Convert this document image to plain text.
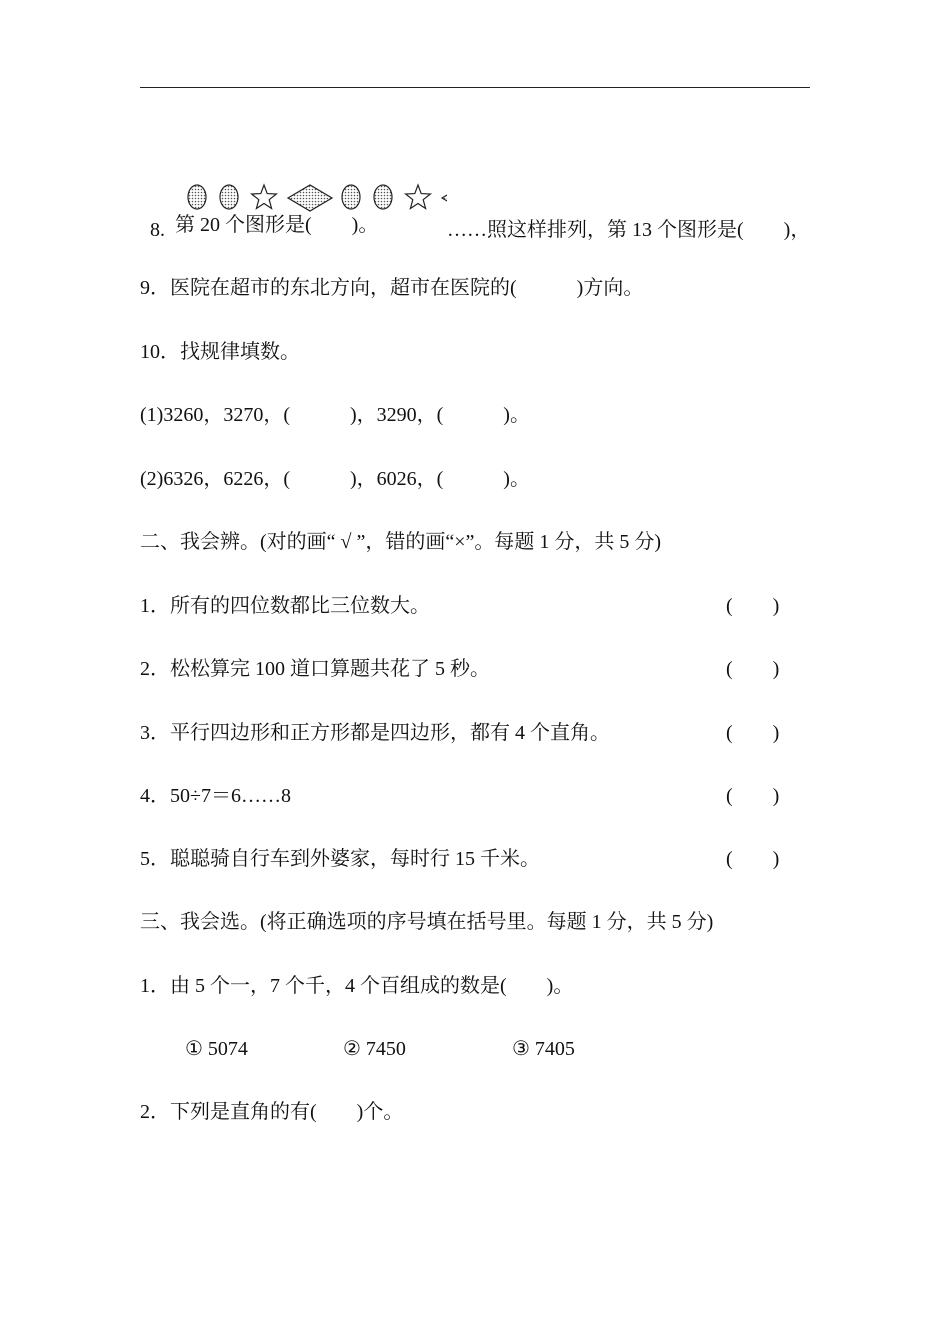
8.
	……照这样排列，第 13 个图形是(        )，

第 20 个图形是(        )。
9．医院在超市的东北方向，超市在医院的(            )方向。
10．找规律填数。
(1)3260，3270，(            )，3290，(            )。
(2)6326，6226，(            )，6026，(            )。
二、我会辨。(对的画“ √ ”，错的画“×”。每题 1 分，共 5 分)
1．所有的四位数都比三位数大。	(        )
2．松松算完 100 道口算题共花了 5 秒。	(        )
3．平行四边形和正方形都是四边形，都有 4 个直角。	(        )
4．50÷7＝6……8	(        )
5．聪聪骑自行车到外婆家，每时行 15 千米。	(        )
三、我会选。(将正确选项的序号填在括号里。每题 1 分，共 5 分)
1．由 5 个一，7 个千，4 个百组成的数是(        )。
① 5074	② 7450	③ 7405
2．下列是直角的有(        )个。
